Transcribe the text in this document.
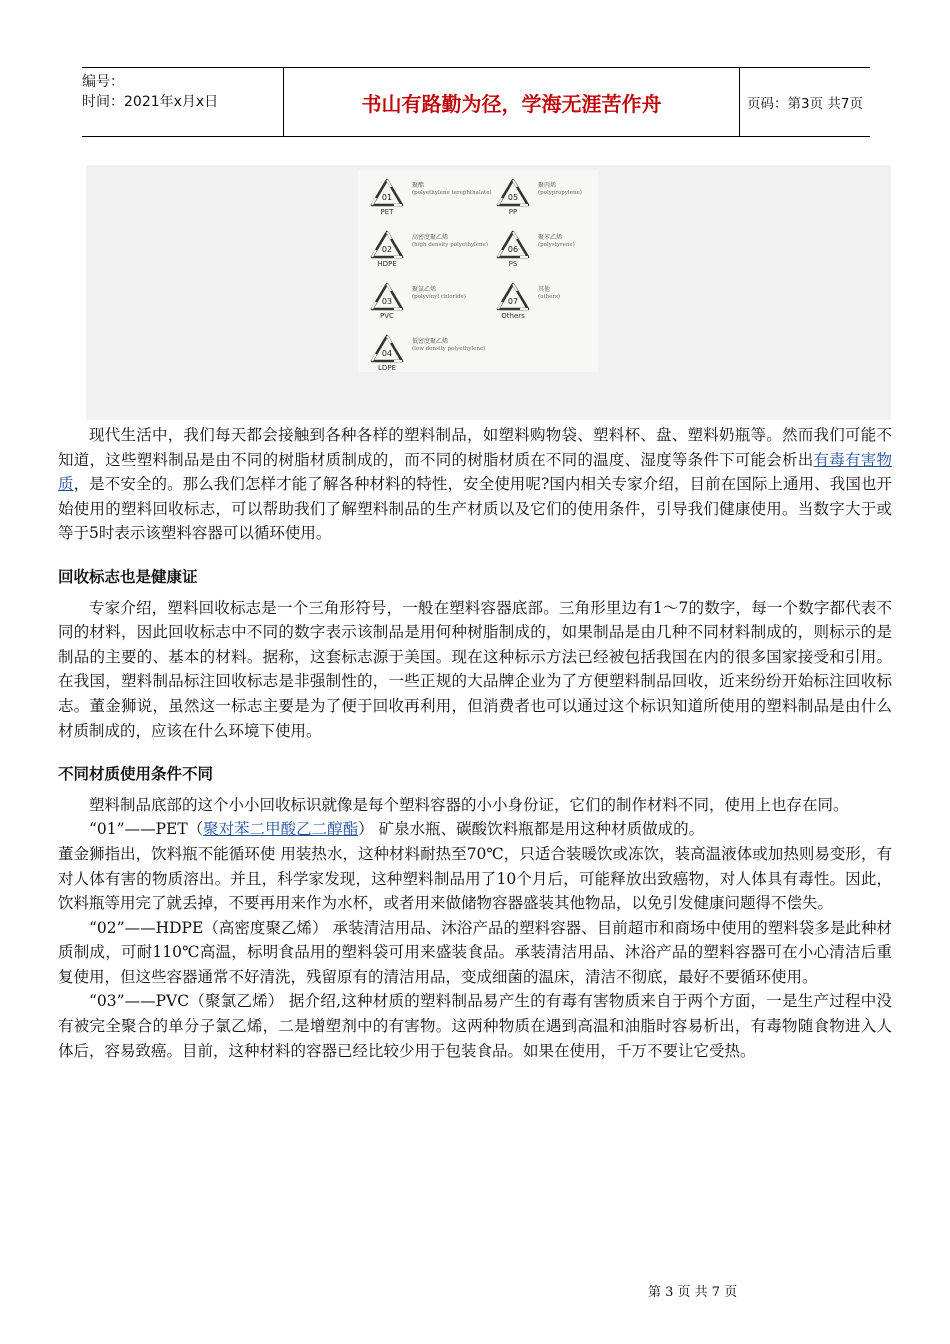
编号：
时间：2021年x月x日	书山有路勤为径，学海无涯苦作舟	页码：第3页 共7页
01
PET
聚酯
(polyethylene terephthalate) 05
PP
聚丙烯
(polypropylene)
02
HDPE
高密度聚乙烯
(high density polyethylene)	06
PS
聚苯乙烯
(polystyrene)
03
PVC
聚氯乙烯
(polyvinyl chloride)	07
Others
其他
(others)
04
LDPE
低密度聚乙烯
(low density polyethylene)

现代生活中，我们每天都会接触到各种各样的塑料制品，如塑料购物袋、塑料杯、盘、塑料奶瓶等。然而我们可能不知道，这些塑料制品是由不同的树脂材质制成的，而不同的树脂材质在不同的温度、湿度等条件下可能会析出有毒有害物质，是不安全的。那么我们怎样才能了解各种材料的特性，安全使用呢?国内相关专家介绍，目前在国际上通用、我国也开始使用的塑料回收标志，可以帮助我们了解塑料制品的生产材质以及它们的使用条件，引导我们健康使用。当数字大于或等于5时表示该塑料容器可以循环使用。

回收标志也是健康证

专家介绍，塑料回收标志是一个三角形符号，一般在塑料容器底部。三角形里边有1～7的数字，每一个数字都代表不同的材料，因此回收标志中不同的数字表示该制品是用何种树脂制成的，如果制品是由几种不同材料制成的，则标示的是制品的主要的、基本的材料。据称，这套标志源于美国。现在这种标示方法已经被包括我国在内的很多国家接受和引用。在我国，塑料制品标注回收标志是非强制性的，一些正规的大品牌企业为了方便塑料制品回收，近来纷纷开始标注回收标志。董金狮说，虽然这一标志主要是为了便于回收再利用，但消费者也可以通过这个标识知道所使用的塑料制品是由什么材质制成的，应该在什么环境下使用。

不同材质使用条件不同

塑料制品底部的这个小小回收标识就像是每个塑料容器的小小身份证，它们的制作材料不同，使用上也存在同。

“01”——PET（聚对苯二甲酸乙二醇酯） 矿泉水瓶、碳酸饮料瓶都是用这种材质做成的。

董金狮指出，饮料瓶不能循环使 用装热水，这种材料耐热至70℃，只适合装暖饮或冻饮，装高温液体或加热则易变形，有对人体有害的物质溶出。并且，科学家发现，这种塑料制品用了10个月后，可能释放出致癌物，对人体具有毒性。因此，饮料瓶等用完了就丢掉，不要再用来作为水杯，或者用来做储物容器盛装其他物品，以免引发健康问题得不偿失。

“02”——HDPE（高密度聚乙烯） 承装清洁用品、沐浴产品的塑料容器、目前超市和商场中使用的塑料袋多是此种材质制成，可耐110℃高温，标明食品用的塑料袋可用来盛装食品。承装清洁用品、沐浴产品的塑料容器可在小心清洁后重复使用，但这些容器通常不好清洗，残留原有的清洁用品，变成细菌的温床，清洁不彻底，最好不要循环使用。

“03”——PVC（聚氯乙烯） 据介绍,这种材质的塑料制品易产生的有毒有害物质来自于两个方面，一是生产过程中没有被完全聚合的单分子氯乙烯，二是增塑剂中的有害物。这两种物质在遇到高温和油脂时容易析出，有毒物随食物进入人体后，容易致癌。目前，这种材料的容器已经比较少用于包装食品。如果在使用，千万不要让它受热。

第 3 页 共 7 页
